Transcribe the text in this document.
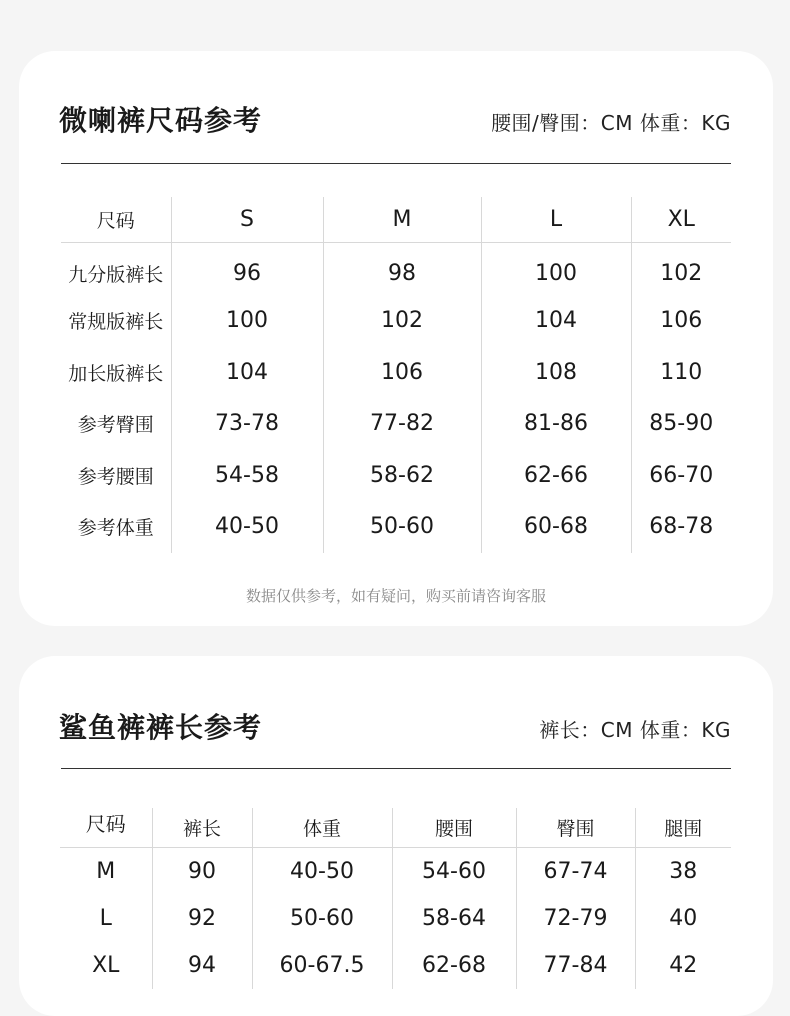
微喇裤尺码参考	腰围/臀围：CM 体重：KG
尺码	S	M	L	XL
九分版裤长	96	98	100	102
常规版裤长	100	102	104	106
加长版裤长	104	106	108	110
参考臀围	73-78	77-82	81-86	85-90
参考腰围	54-58	58-62	62-66	66-70
参考体重	40-50	50-60	60-68	68-78
数据仅供参考，如有疑问，购买前请咨询客服
鲨鱼裤裤长参考	裤长：CM 体重：KG
尺码	裤长	体重	腰围	臀围	腿围
M	90	40-50	54-60	67-74	38
L	92	50-60	58-64	72-79	40
XL	94	60-67.5	62-68	77-84	42
